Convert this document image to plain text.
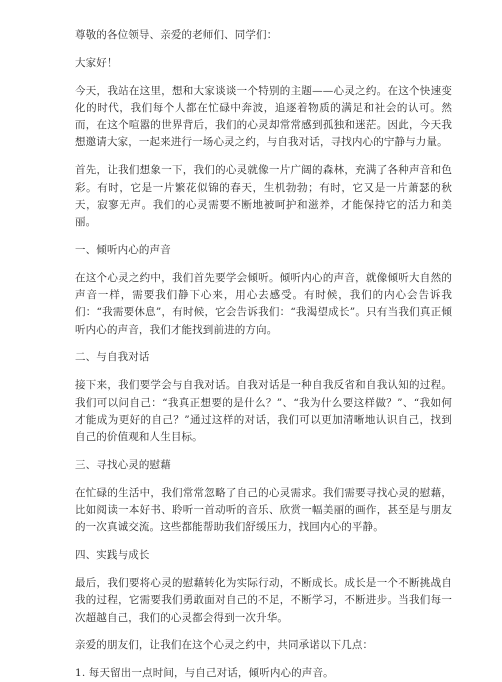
尊敬的各位领导、亲爱的老师们、同学们：

大家好！

今天，我站在这里，想和大家谈谈一个特别的主题——心灵之约。在这个快速变化的时代，我们每个人都在忙碌中奔波，追逐着物质的满足和社会的认可。然而，在这个喧嚣的世界背后，我们的心灵却常常感到孤独和迷茫。因此，今天我想邀请大家，一起来进行一场心灵之约，与自我对话，寻找内心的宁静与力量。

首先，让我们想象一下，我们的心灵就像一片广阔的森林，充满了各种声音和色彩。有时，它是一片繁花似锦的春天，生机勃勃；有时，它又是一片萧瑟的秋天，寂寥无声。我们的心灵需要不断地被呵护和滋养，才能保持它的活力和美丽。

一、倾听内心的声音

在这个心灵之约中，我们首先要学会倾听。倾听内心的声音，就像倾听大自然的声音一样，需要我们静下心来，用心去感受。有时候，我们的内心会告诉我们：“我需要休息”，有时候，它会告诉我们：“我渴望成长”。只有当我们真正倾听内心的声音，我们才能找到前进的方向。

二、与自我对话

接下来，我们要学会与自我对话。自我对话是一种自我反省和自我认知的过程。我们可以问自己：“我真正想要的是什么？”、“我为什么要这样做？”、“我如何才能成为更好的自己？”通过这样的对话，我们可以更加清晰地认识自己，找到自己的价值观和人生目标。

三、寻找心灵的慰藉

在忙碌的生活中，我们常常忽略了自己的心灵需求。我们需要寻找心灵的慰藉，比如阅读一本好书、聆听一首动听的音乐、欣赏一幅美丽的画作，甚至是与朋友的一次真诚交流。这些都能帮助我们舒缓压力，找回内心的平静。

四、实践与成长

最后，我们要将心灵的慰藉转化为实际行动，不断成长。成长是一个不断挑战自我的过程，它需要我们勇敢面对自己的不足，不断学习，不断进步。当我们每一次超越自己，我们的心灵都会得到一次升华。

亲爱的朋友们，让我们在这个心灵之约中，共同承诺以下几点：

1. 每天留出一点时间，与自己对话，倾听内心的声音。
